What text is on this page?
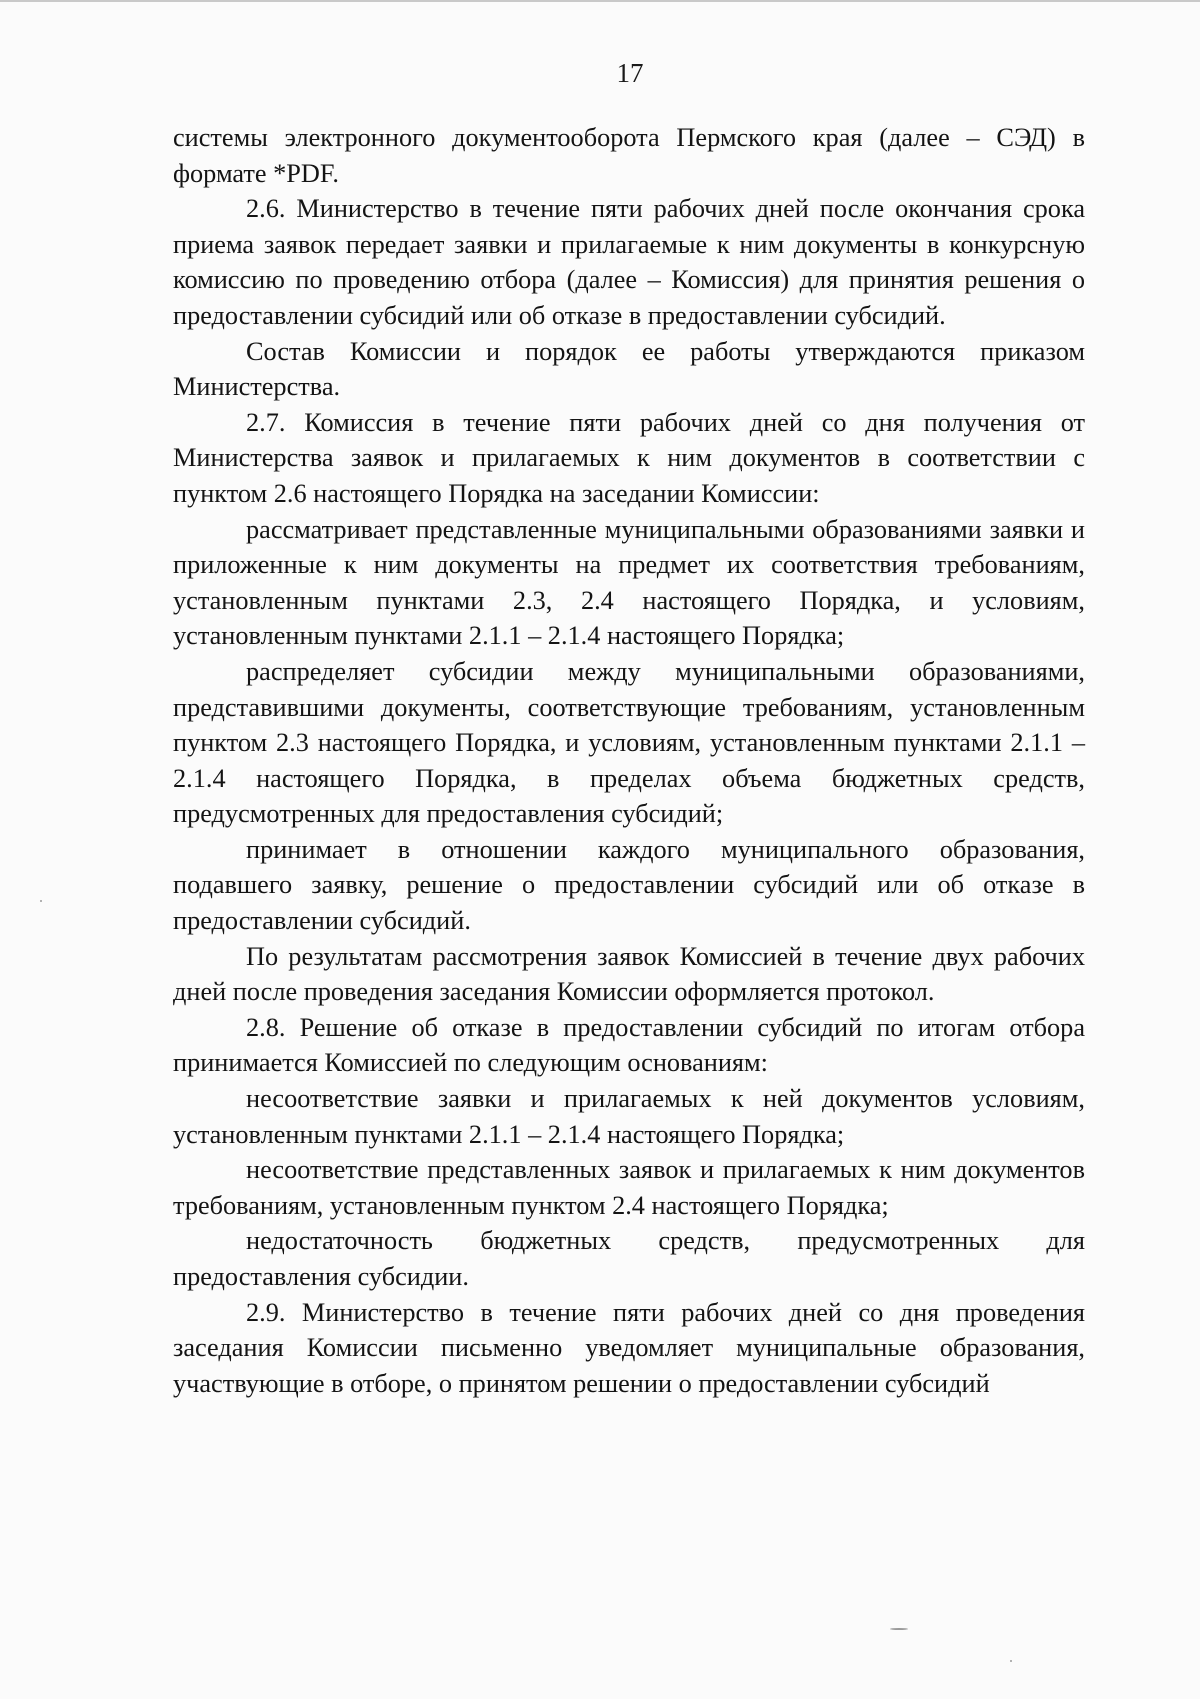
17

системы электронного документооборота Пермского края (далее – СЭД) в формате *PDF.

2.6. Министерство в течение пяти рабочих дней после окончания срока приема заявок передает заявки и прилагаемые к ним документы в конкурсную комиссию по проведению отбора (далее – Комиссия) для принятия решения о предоставлении субсидий или об отказе в предоставлении субсидий.

Состав Комиссии и порядок ее работы утверждаются приказом Министерства.

2.7. Комиссия в течение пяти рабочих дней со дня получения от Министерства заявок и прилагаемых к ним документов в соответствии с пунктом 2.6 настоящего Порядка на заседании Комиссии:

рассматривает представленные муниципальными образованиями заявки и приложенные к ним документы на предмет их соответствия требованиям, установленным пунктами 2.3, 2.4 настоящего Порядка, и условиям, установленным пунктами 2.1.1 – 2.1.4 настоящего Порядка;

распределяет субсидии между муниципальными образованиями, представившими документы, соответствующие требованиям, установленным пунктом 2.3 настоящего Порядка, и условиям, установленным пунктами 2.1.1 – 2.1.4 настоящего Порядка, в пределах объема бюджетных средств, предусмотренных для предоставления субсидий;

принимает в отношении каждого муниципального образования, подавшего заявку, решение о предоставлении субсидий или об отказе в предоставлении субсидий.

По результатам рассмотрения заявок Комиссией в течение двух рабочих дней после проведения заседания Комиссии оформляется протокол.

2.8. Решение об отказе в предоставлении субсидий по итогам отбора принимается Комиссией по следующим основаниям:

несоответствие заявки и прилагаемых к ней документов условиям, установленным пунктами 2.1.1 – 2.1.4 настоящего Порядка;

несоответствие представленных заявок и прилагаемых к ним документов требованиям, установленным пунктом 2.4 настоящего Порядка;

недостаточность бюджетных средств, предусмотренных для предоставления субсидии.

2.9. Министерство в течение пяти рабочих дней со дня проведения заседания Комиссии письменно уведомляет муниципальные образования, участвующие в отборе, о принятом решении о предоставлении субсидий
